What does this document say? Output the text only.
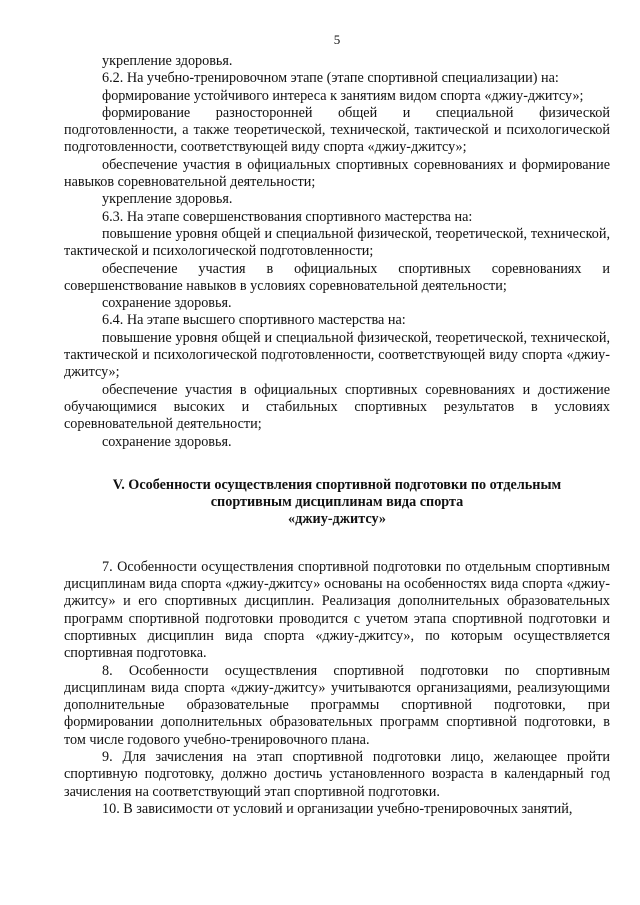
5

укрепление здоровья.

6.2. На учебно-тренировочном этапе (этапе спортивной специализации) на:

формирование устойчивого интереса к занятиям видом спорта «джиу-джитсу»;

формирование разносторонней общей и специальной физической подготовленности, а также теоретической, технической, тактической и психологической подготовленности, соответствующей виду спорта «джиу-джитсу»;

обеспечение участия в официальных спортивных соревнованиях и формирование навыков соревновательной деятельности;

укрепление здоровья.

6.3. На этапе совершенствования спортивного мастерства на:

повышение уровня общей и специальной физической, теоретической, технической, тактической и психологической подготовленности;

обеспечение участия в официальных спортивных соревнованиях и совершенствование навыков в условиях соревновательной деятельности;

сохранение здоровья.

6.4. На этапе высшего спортивного мастерства на:

повышение уровня общей и специальной физической, теоретической, технической, тактической и психологической подготовленности, соответствующей виду спорта «джиу-джитсу»;

обеспечение участия в официальных спортивных соревнованиях и достижение обучающимися высоких и стабильных спортивных результатов в условиях соревновательной деятельности;

сохранение здоровья.

V. Особенности осуществления спортивной подготовки по отдельным
спортивным дисциплинам вида спорта
«джиу-джитсу»

7. Особенности осуществления спортивной подготовки по отдельным спортивным дисциплинам вида спорта «джиу-джитсу» основаны на особенностях вида спорта «джиу-джитсу» и его спортивных дисциплин. Реализация дополнительных образовательных программ спортивной подготовки проводится с учетом этапа спортивной подготовки и спортивных дисциплин вида спорта «джиу-джитсу», по которым осуществляется спортивная подготовка.

8. Особенности осуществления спортивной подготовки по спортивным дисциплинам вида спорта «джиу-джитсу» учитываются организациями, реализующими дополнительные образовательные программы спортивной подготовки, при формировании дополнительных образовательных программ спортивной подготовки, в том числе годового учебно-тренировочного плана.

9. Для зачисления на этап спортивной подготовки лицо, желающее пройти спортивную подготовку, должно достичь установленного возраста в календарный год зачисления на соответствующий этап спортивной подготовки.

10. В зависимости от условий и организации учебно-тренировочных занятий,
